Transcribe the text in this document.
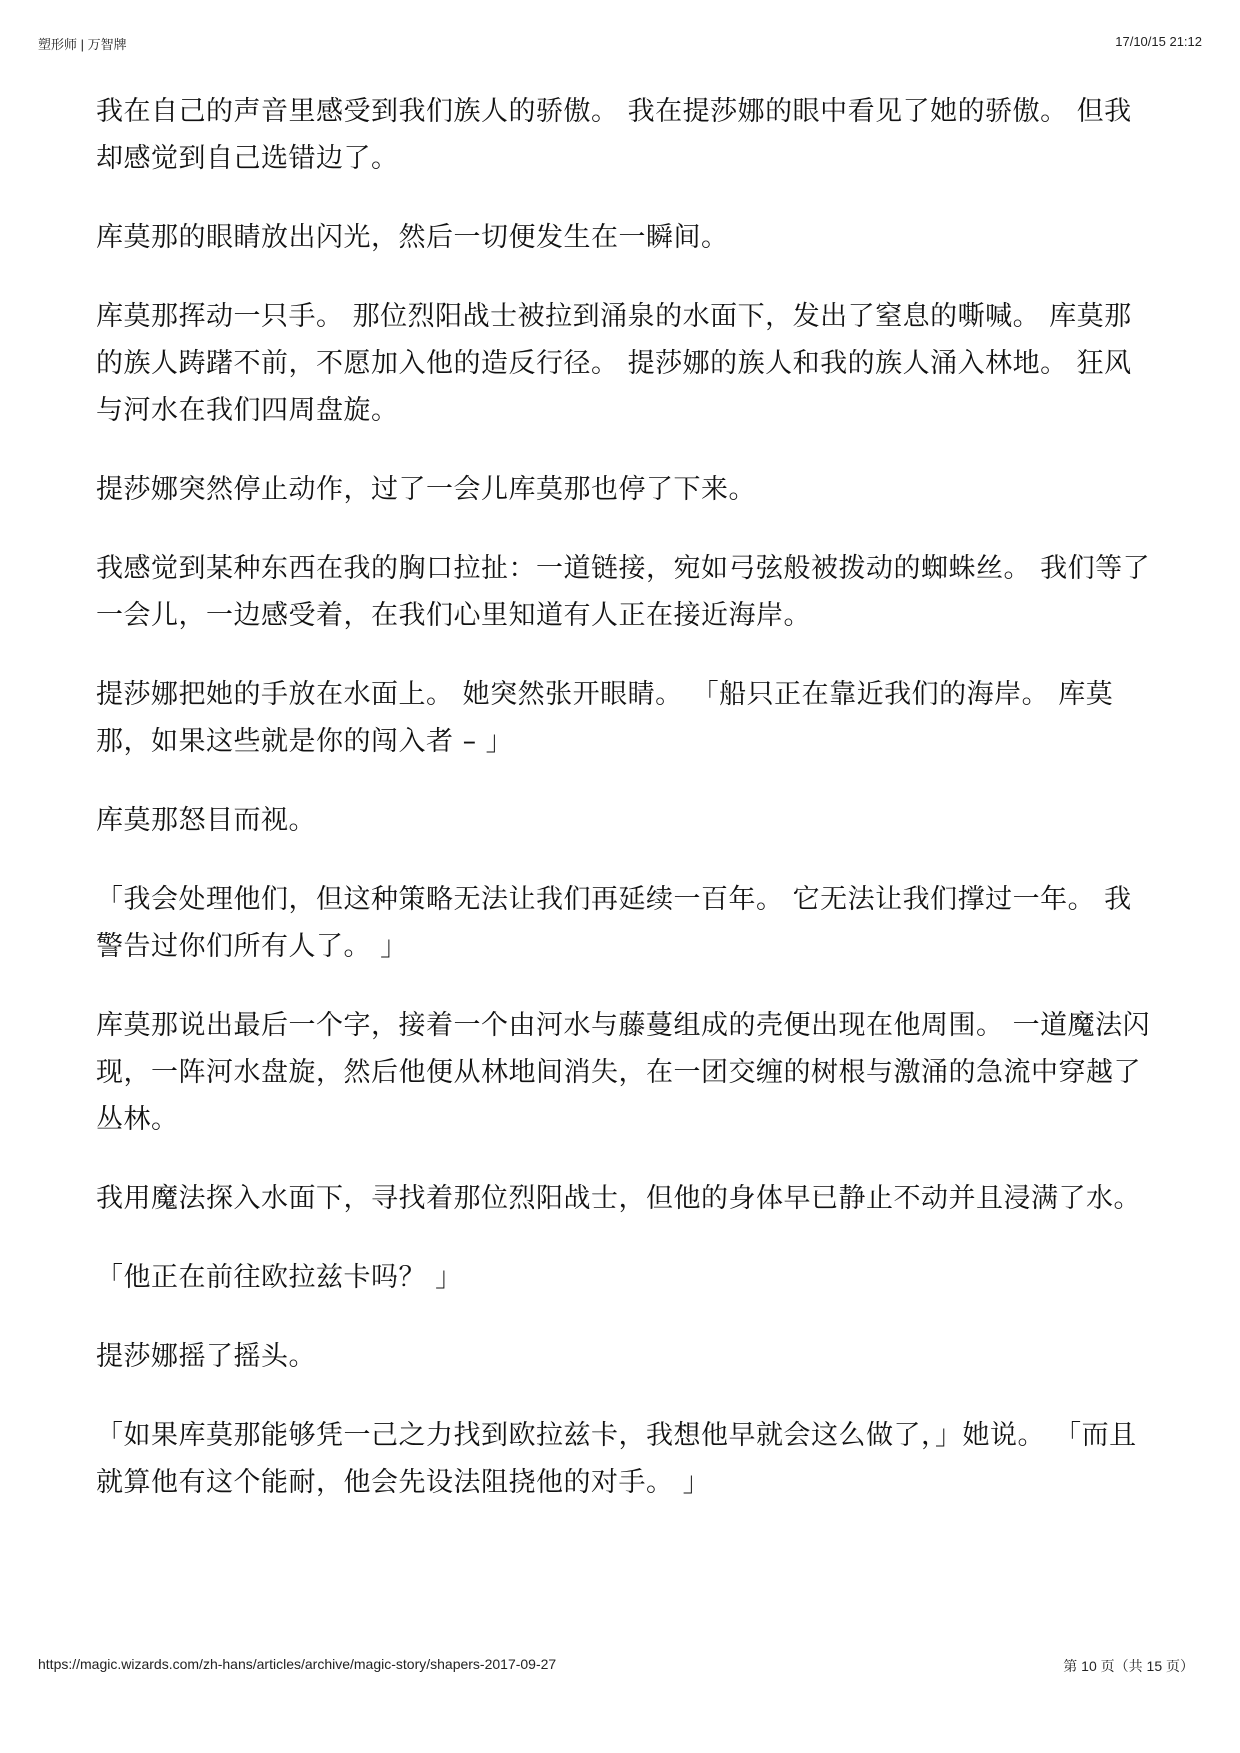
塑形师 | 万智牌	17/10/15 21:12

我在自己的声音里感受到我们族人的骄傲。 我在提莎娜的眼中看见了她的骄傲。 但我却感觉到自己选错边了。

库莫那的眼睛放出闪光，然后一切便发生在一瞬间。

库莫那挥动一只手。 那位烈阳战士被拉到涌泉的水面下，发出了窒息的嘶喊。 库莫那的族人踌躇不前，不愿加入他的造反行径。 提莎娜的族人和我的族人涌入林地。 狂风与河水在我们四周盘旋。

提莎娜突然停止动作，过了一会儿库莫那也停了下来。

我感觉到某种东西在我的胸口拉扯：一道链接，宛如弓弦般被拨动的蜘蛛丝。 我们等了一会儿，一边感受着，在我们心里知道有人正在接近海岸。

提莎娜把她的手放在水面上。 她突然张开眼睛。 「船只正在靠近我们的海岸。 库莫那，如果这些就是你的闯入者 – 」

库莫那怒目而视。

「我会处理他们，但这种策略无法让我们再延续一百年。 它无法让我们撑过一年。 我警告过你们所有人了。 」

库莫那说出最后一个字，接着一个由河水与藤蔓组成的壳便出现在他周围。 一道魔法闪现，一阵河水盘旋，然后他便从林地间消失，在一团交缠的树根与激涌的急流中穿越了丛林。

我用魔法探入水面下，寻找着那位烈阳战士，但他的身体早已静止不动并且浸满了水。

「他正在前往欧拉兹卡吗？ 」

提莎娜摇了摇头。

「如果库莫那能够凭一己之力找到欧拉兹卡，我想他早就会这么做了，」她说。 「而且就算他有这个能耐，他会先设法阻挠他的对手。 」

https://magic.wizards.com/zh-hans/articles/archive/magic-story/shapers-2017-09-27	第 10 页（共 15 页）
